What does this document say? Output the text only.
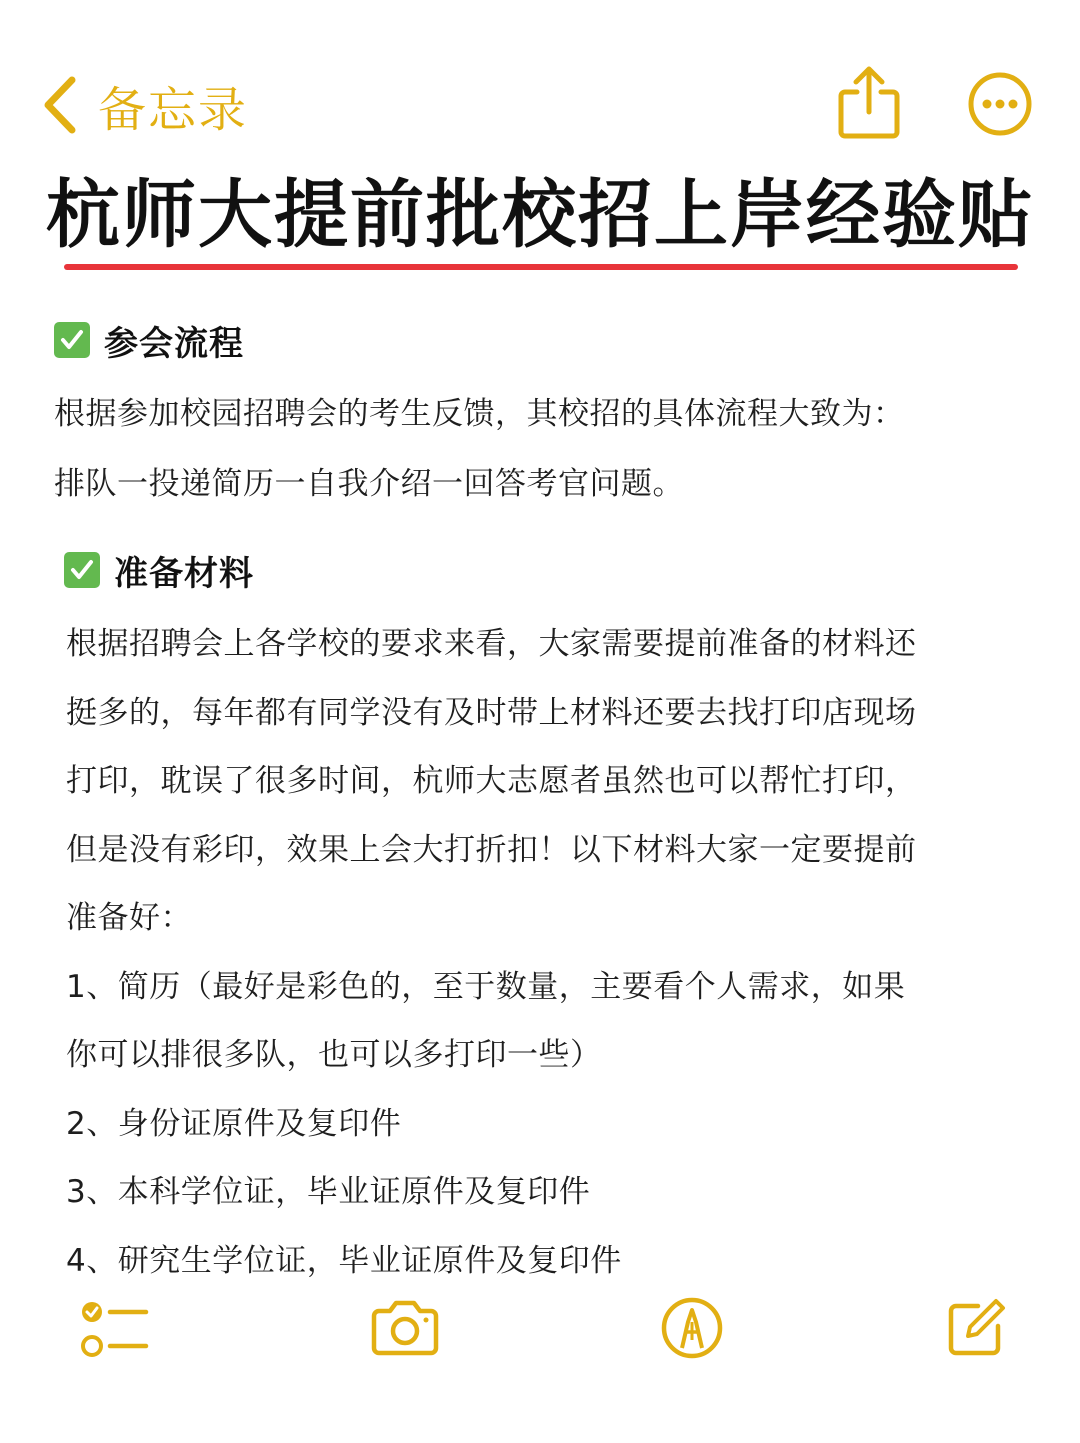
备忘录
杭师大提前批校招上岸经验贴
参会流程
根据参加校园招聘会的考生反馈，其校招的具体流程大致为：
排队一投递简历一自我介绍一回答考官问题。
准备材料
根据招聘会上各学校的要求来看，大家需要提前准备的材料还
挺多的，每年都有同学没有及时带上材料还要去找打印店现场
打印，耽误了很多时间，杭师大志愿者虽然也可以帮忙打印，
但是没有彩印，效果上会大打折扣！以下材料大家一定要提前
准备好：
1、简历（最好是彩色的，至于数量，主要看个人需求，如果
你可以排很多队，也可以多打印一些）
2、身份证原件及复印件
3、本科学位证，毕业证原件及复印件
4、研究生学位证，毕业证原件及复印件
